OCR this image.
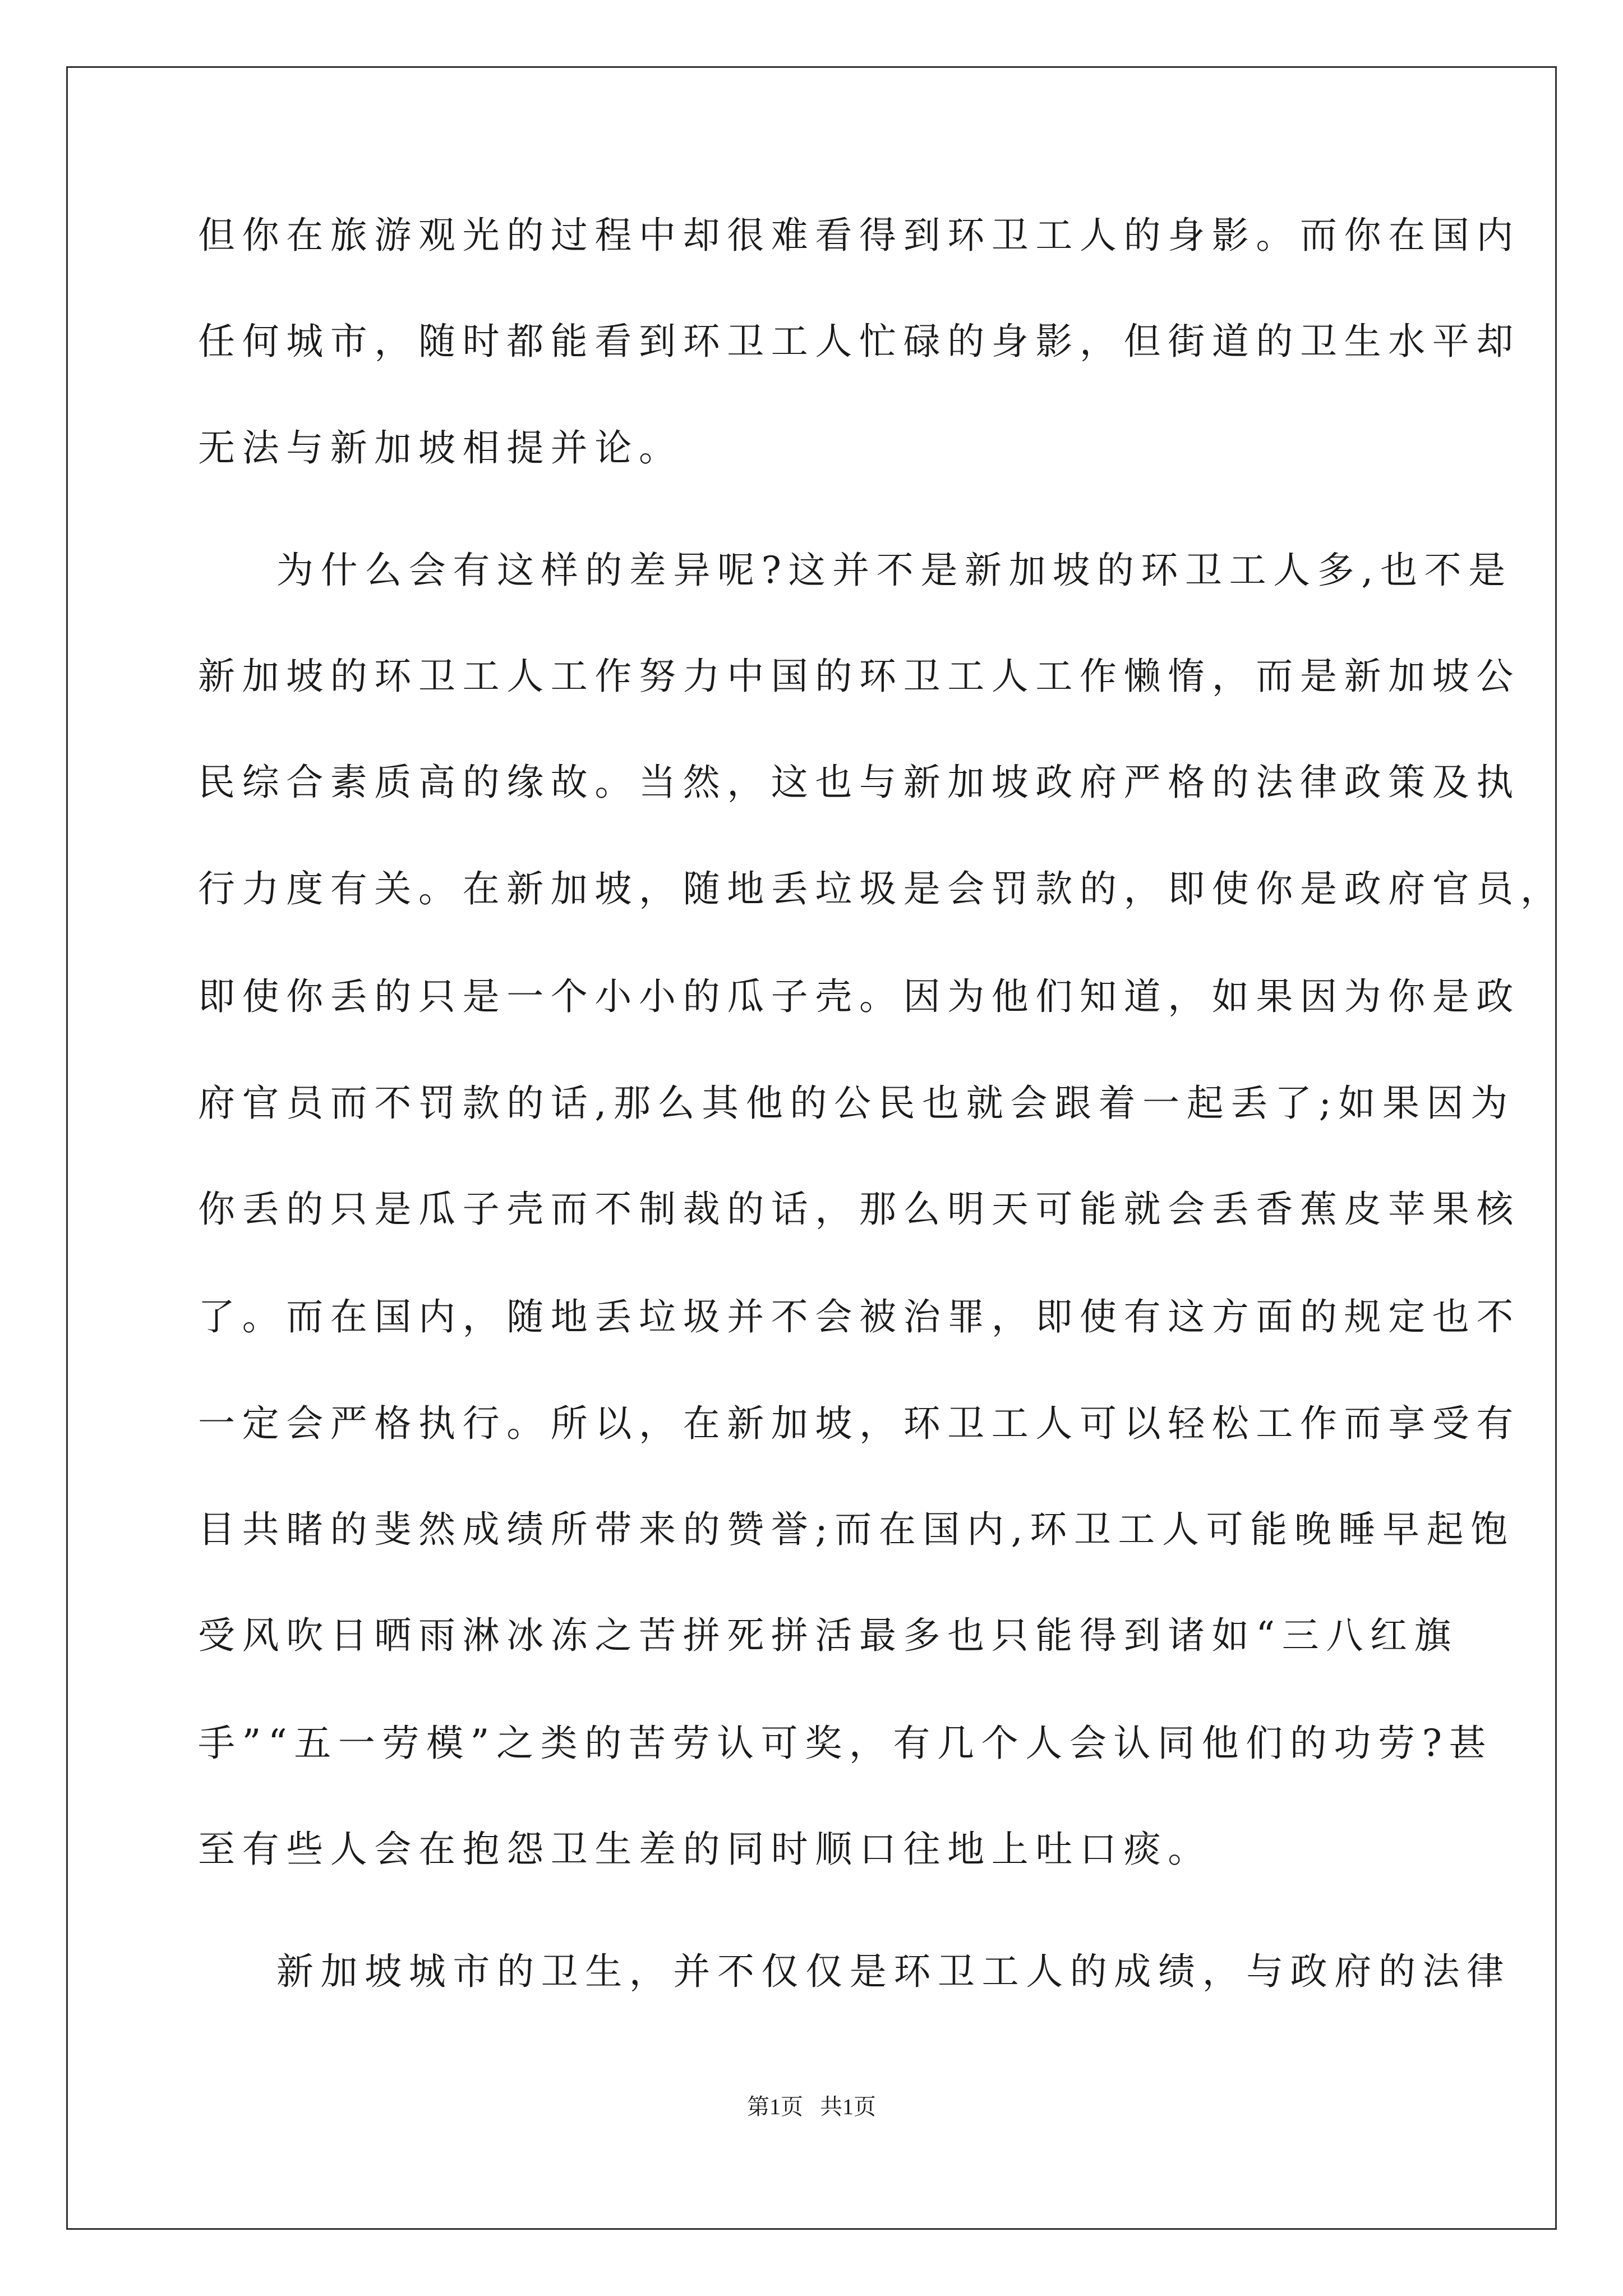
但你在旅游观光的过程中却很难看得到环卫工人的身影。而你在国内
任何城市，随时都能看到环卫工人忙碌的身影，但街道的卫生水平却
无法与新加坡相提并论。
为什么会有这样的差异呢?这并不是新加坡的环卫工人多,也不是
新加坡的环卫工人工作努力中国的环卫工人工作懒惰，而是新加坡公
民综合素质高的缘故。当然，这也与新加坡政府严格的法律政策及执
行力度有关。在新加坡，随地丢垃圾是会罚款的，即使你是政府官员，
即使你丢的只是一个小小的瓜子壳。因为他们知道，如果因为你是政
府官员而不罚款的话,那么其他的公民也就会跟着一起丢了;如果因为
你丢的只是瓜子壳而不制裁的话，那么明天可能就会丢香蕉皮苹果核
了。而在国内，随地丢垃圾并不会被治罪，即使有这方面的规定也不
一定会严格执行。所以，在新加坡，环卫工人可以轻松工作而享受有
目共睹的斐然成绩所带来的赞誉;而在国内,环卫工人可能晚睡早起饱
受风吹日晒雨淋冰冻之苦拼死拼活最多也只能得到诸如“三八红旗
手”“五一劳模”之类的苦劳认可奖，有几个人会认同他们的功劳?甚
至有些人会在抱怨卫生差的同时顺口往地上吐口痰。
新加坡城市的卫生，并不仅仅是环卫工人的成绩，与政府的法律
第1页   共1页
